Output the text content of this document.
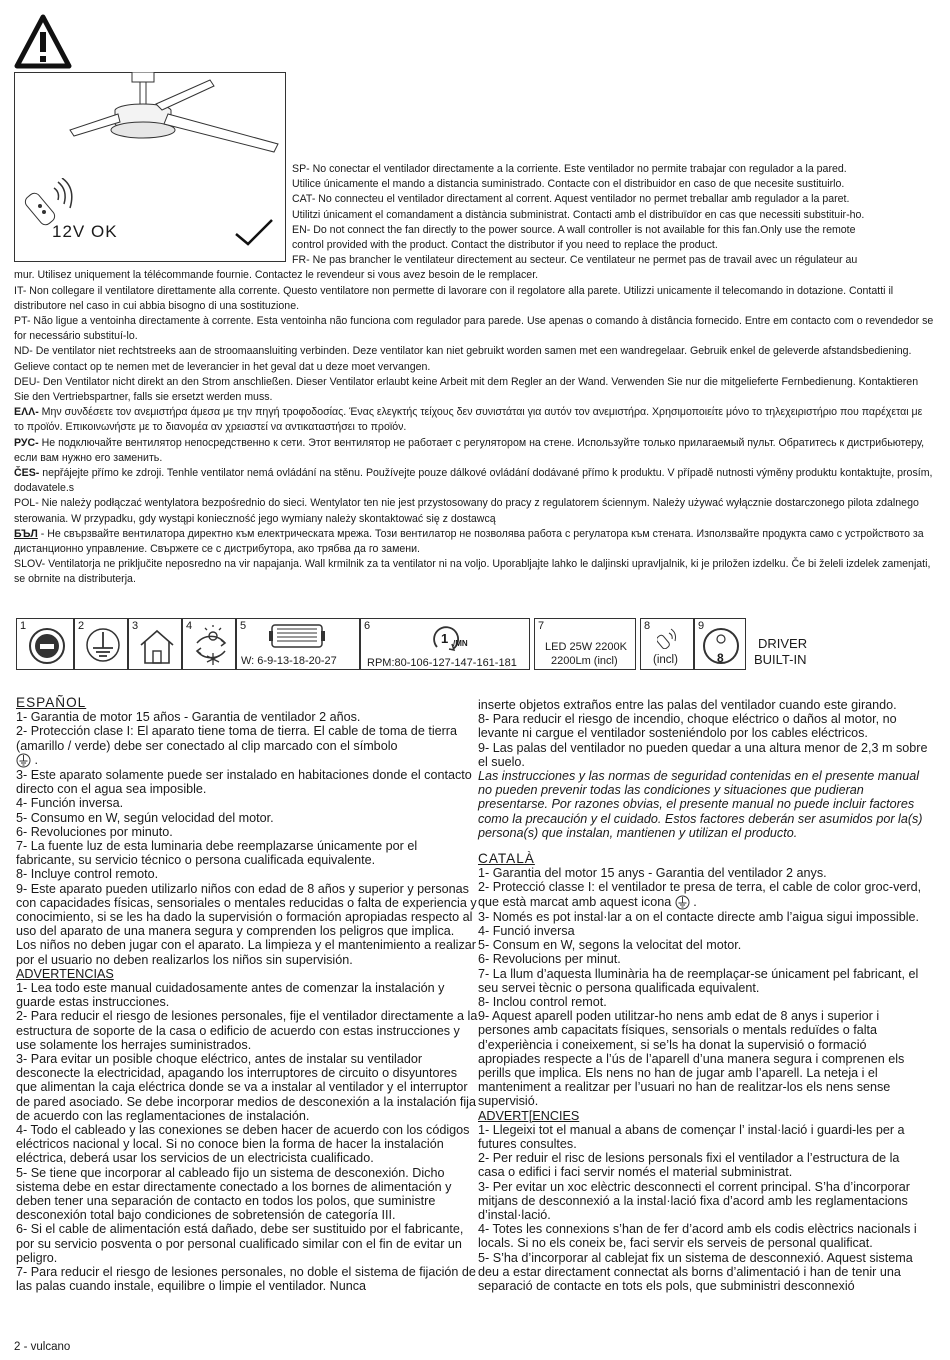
12V OK

SP- No conectar el ventilador directamente a la corriente. Este ventilador no permite trabajar con regulador a la pared.

Utilice únicamente el mando a distancia suministrado. Contacte con el distribuidor en caso de que necesite sustituirlo.

CAT- No connecteu el ventilador directament al corrent. Aquest ventilador no permet treballar amb regulador a la paret.

Utilitzi únicament el comandament a distància subministrat. Contacti amb el distribuïdor en cas que necessiti substituir-ho.

EN- Do not connect the fan directly to the power source. A wall controller is not available for this fan.Only use the remote

control provided with the product. Contact the distributor if you need to replace the product.

FR- Ne pas brancher le ventilateur directement au secteur. Ce ventilateur ne permet pas de travail avec un régulateur au

mur. Utilisez uniquement la télécommande fournie. Contactez le revendeur si vous avez besoin de le remplacer.

IT- Non collegare il ventilatore direttamente alla corrente. Questo ventilatore non permette di lavorare con il regolatore alla parete. Utilizzi unicamente il telecomando in dotazione. Contatti il distributore nel caso in cui abbia bisogno di una sostituzione.

PT- Não ligue a ventoinha directamente à corrente. Esta ventoinha não funciona com regulador para parede. Use apenas o comando à distância fornecido. Entre em contacto com o revendedor se for necessário substituí-lo.

ND- De ventilator niet rechtstreeks aan de stroomaansluiting verbinden. Deze ventilator kan niet gebruikt worden samen met een wandregelaar. Gebruik enkel de geleverde afstandsbediening. Gelieve contact op te nemen met de leverancier in het geval dat u deze moet vervangen.

DEU- Den Ventilator nicht direkt an den Strom anschließen. Dieser Ventilator erlaubt keine Arbeit mit dem Regler an der Wand. Verwenden Sie nur die mitgelieferte Fernbedienung. Kontaktieren Sie den Vertriebspartner, falls sie ersetzt werden muss.

ΕΛΛ- Μην συνδέσετε τον ανεμιστήρα άμεσα με την πηγή τροφοδοσίας. Ένας ελεγκτής τείχους δεν συνιστάται για αυτόν τον ανεμιστήρα. Χρησιμοποιείτε μόνο το τηλεχειριστήριο που παρέχεται με το προϊόν. Επικοινωνήστε με το διανομέα αν χρειαστεί να αντικαταστήσει το προϊόν.

РУС- Не подключайте вентилятор непосредственно к сети. Этот вентилятор не работает с регулятором на стене. Используйте только прилагаемый пульт. Обратитесь к дистрибьютеру, если вам нужно его заменить.

ČES- nepřájejte přímo ke zdroji. Tenhle ventilator nemá ovládání na stěnu. Používejte pouze dálkové ovládání dodávané přímo k produktu. V případě nutnosti výměny produktu kontaktujte, prosím, dodavatele.s

POL- Nie należy podłączać wentylatora bezpośrednio do sieci. Wentylator ten nie jest przystosowany do pracy z regulatorem ściennym. Należy używać wyłącznie dostarczonego pilota zdalnego sterowania. W przypadku, gdy wystąpi konieczność jego wymiany należy skontaktować się z dostawcą

БЪЛ - Не свързвайте вентилатора директно към електрическата мрежа. Този вентилатор не позволява работа с регулатора към стената. Използвайте продукта само с устройството за дистанционно управление. Свържете се с дистрибутора, ако трябва да го замени.

SLOV- Ventilatorja ne priključite neposredno na vir napajanja. Wall krmilnik za ta ventilator ni na voljo. Uporabljajte lahko le daljinski upravljalnik, ki je priložen izdelku. Če bi želeli izdelek zamenjati, se obrnite na distributerja.

1	2	3	4	5
W: 6-9-13-18-20-27
6
1 /MN
RPM:80-106-127-147-161-181
7
LED 25W 2200K
2200Lm (incl)
8
(incl)
9
8
DRIVER
BUILT-IN

ESPAÑOL

1- Garantia de motor 15 años - Garantia de ventilador 2 años.

2- Protección clase I: El aparato tiene toma de tierra. El cable de toma de tierra (amarillo / verde) debe ser conectado al clip marcado con el símbolo
.

3- Este aparato solamente puede ser instalado en habitaciones donde el contacto directo con el agua sea imposible.

4- Función inversa.

5- Consumo en W, según velocidad del motor.

6- Revoluciones por minuto.

7- La fuente luz de esta luminaria debe reemplazarse únicamente por el fabricante, su servicio técnico o persona cualificada equivalente.

8- Incluye control remoto.

9- Este aparato pueden utilizarlo niños con edad de 8 años y superior y personas con capacidades físicas, sensoriales o mentales reducidas o falta de experiencia y conocimiento, si se les ha dado la supervisión o formación apropiadas respecto al uso del aparato de una manera segura y comprenden los peligros que implica. Los niños no deben jugar con el aparato. La limpieza y el mantenimiento a realizar por el usuario no deben realizarlos los niños sin supervisión.

ADVERTENCIAS

1- Lea todo este manual cuidadosamente antes de comenzar la instalación y guarde estas instrucciones.

2- Para reducir el riesgo de lesiones personales, fije el ventilador directamente a la estructura de soporte de la casa o edificio de acuerdo con estas instrucciones y use solamente los herrajes suministrados.

3- Para evitar un posible choque eléctrico, antes de instalar su ventilador desconecte la electricidad, apagando los interruptores de circuito o disyuntores que alimentan la caja eléctrica donde se va a instalar al ventilador y el interruptor de pared asociado. Se debe incorporar medios de desconexión a la instalación fija de acuerdo con las reglamentaciones de instalación.

4- Todo el cableado y las conexiones se deben hacer de acuerdo con los códigos eléctricos nacional y local. Si no conoce bien la forma de hacer la instalación eléctrica, deberá usar los servicios de un electricista cualificado.

5- Se tiene que incorporar al cableado fijo un sistema de desconexión. Dicho sistema debe en estar directamente conectado a los bornes de alimentación y deben tener una separación de contacto en todos los polos, que suministre desconexión total bajo condiciones de sobretensión de categoría III.

6- Si el cable de alimentación está dañado, debe ser sustituido por el fabricante, por su servicio posventa o por personal cualificado similar con el fin de evitar un peligro.

7- Para reducir el riesgo de lesiones personales, no doble el sistema de fijación de las palas cuando instale, equilibre o limpie el ventilador. Nunca

inserte objetos extraños entre las palas del ventilador cuando este girando.

8- Para reducir el riesgo de incendio, choque eléctrico o daños al motor, no levante ni cargue el ventilador sosteniéndolo por los cables eléctricos.

9- Las palas del ventilador no pueden quedar a una altura menor de 2,3 m sobre el suelo.

Las instrucciones y las normas de seguridad contenidas en el presente manual no pueden prevenir todas las condiciones y situaciones que pudieran presentarse. Por razones obvias, el presente manual no puede incluir factores como la precaución y el cuidado. Estos factores deberán ser asumidos por la(s) persona(s) que instalan, mantienen y utilizan el producto.

CATALÀ

1- Garantia del motor 15 anys - Garantia del ventilador 2 anys.

2- Protecció classe I: el ventilador te presa de terra, el cable de color groc-verd, que està marcat amb aquest icona  .

3- Només es pot instal·lar a on el contacte directe amb l’aigua sigui impossible.

4- Funció inversa

5- Consum en W, segons la velocitat del motor.

6- Revolucions per minut.

7- La llum d’aquesta lluminària ha de reemplaçar-se únicament pel fabricant, el seu servei tècnic o persona qualificada equivalent.

8- Inclou control remot.

9- Aquest aparell poden utilitzar-ho nens amb edat de 8 anys i superior i persones amb capacitats físiques, sensorials o mentals reduïdes o falta d’experiència i coneixement, si se’ls ha donat la supervisió o formació apropiades respecte a l’ús de l’aparell d’una manera segura i comprenen els perills que implica. Els nens no han de jugar amb l’aparell. La neteja i el manteniment a realitzar per l’usuari no han de realitzar-los els nens sense supervisió.

ADVERT[ENCIES

1- Llegeixi tot el manual a abans de començar l’ instal·lació i guardi-les per a futures consultes.

2- Per reduir el risc de lesions personals fixi el ventilador a l’estructura de la casa o edifici i faci servir només el material subministrat.

3- Per evitar un xoc elèctric desconnecti el corrent principal. S’ha d’incorporar mitjans de desconnexió a la instal·lació fixa d’acord amb les reglamentacions d’instal·lació.

4- Totes les connexions s’han de fer d’acord amb els codis elèctrics nacionals i locals. Si no els coneix be, faci servir els serveis de personal qualificat.

5- S’ha d’incorporar al cablejat fix un sistema de desconnexió. Aquest sistema deu a estar directament connectat als borns d’alimentació i han de tenir una separació de contacte en tots els pols, que subministri desconnexió

2 - vulcano
